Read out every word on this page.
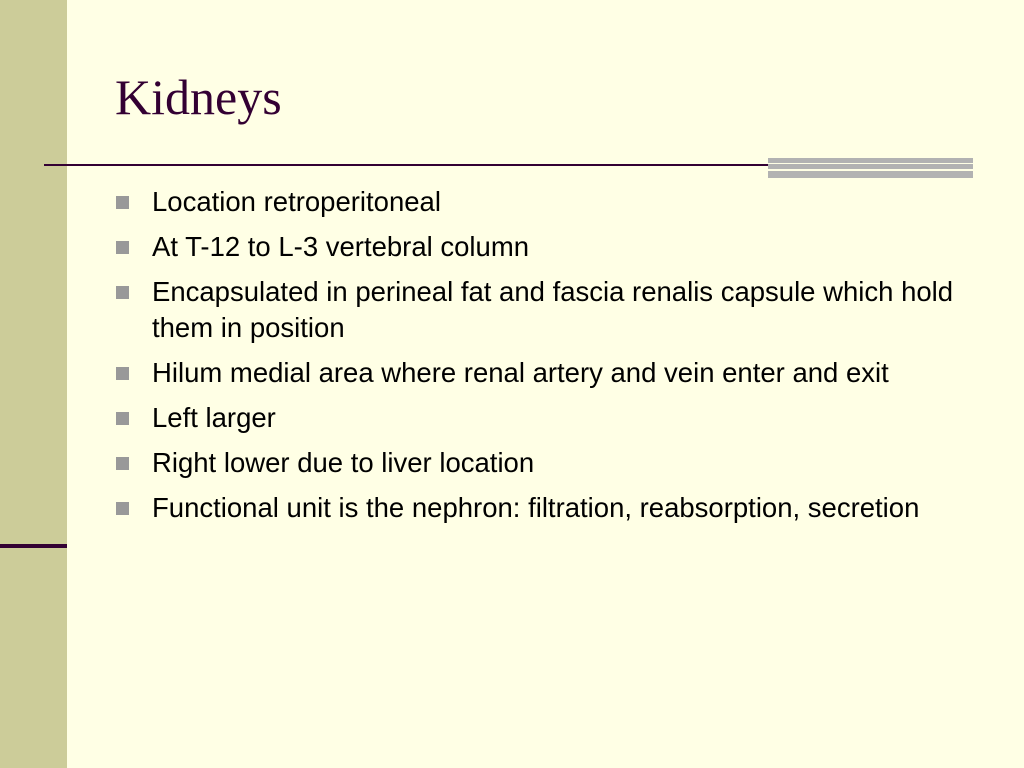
Kidneys
Location retroperitoneal
At T-12 to L-3 vertebral column
Encapsulated in perineal fat and fascia renalis capsule which hold them in position
Hilum medial area where renal artery and vein enter and exit
Left larger
Right lower due to liver location
Functional unit is the nephron: filtration, reabsorption, secretion
